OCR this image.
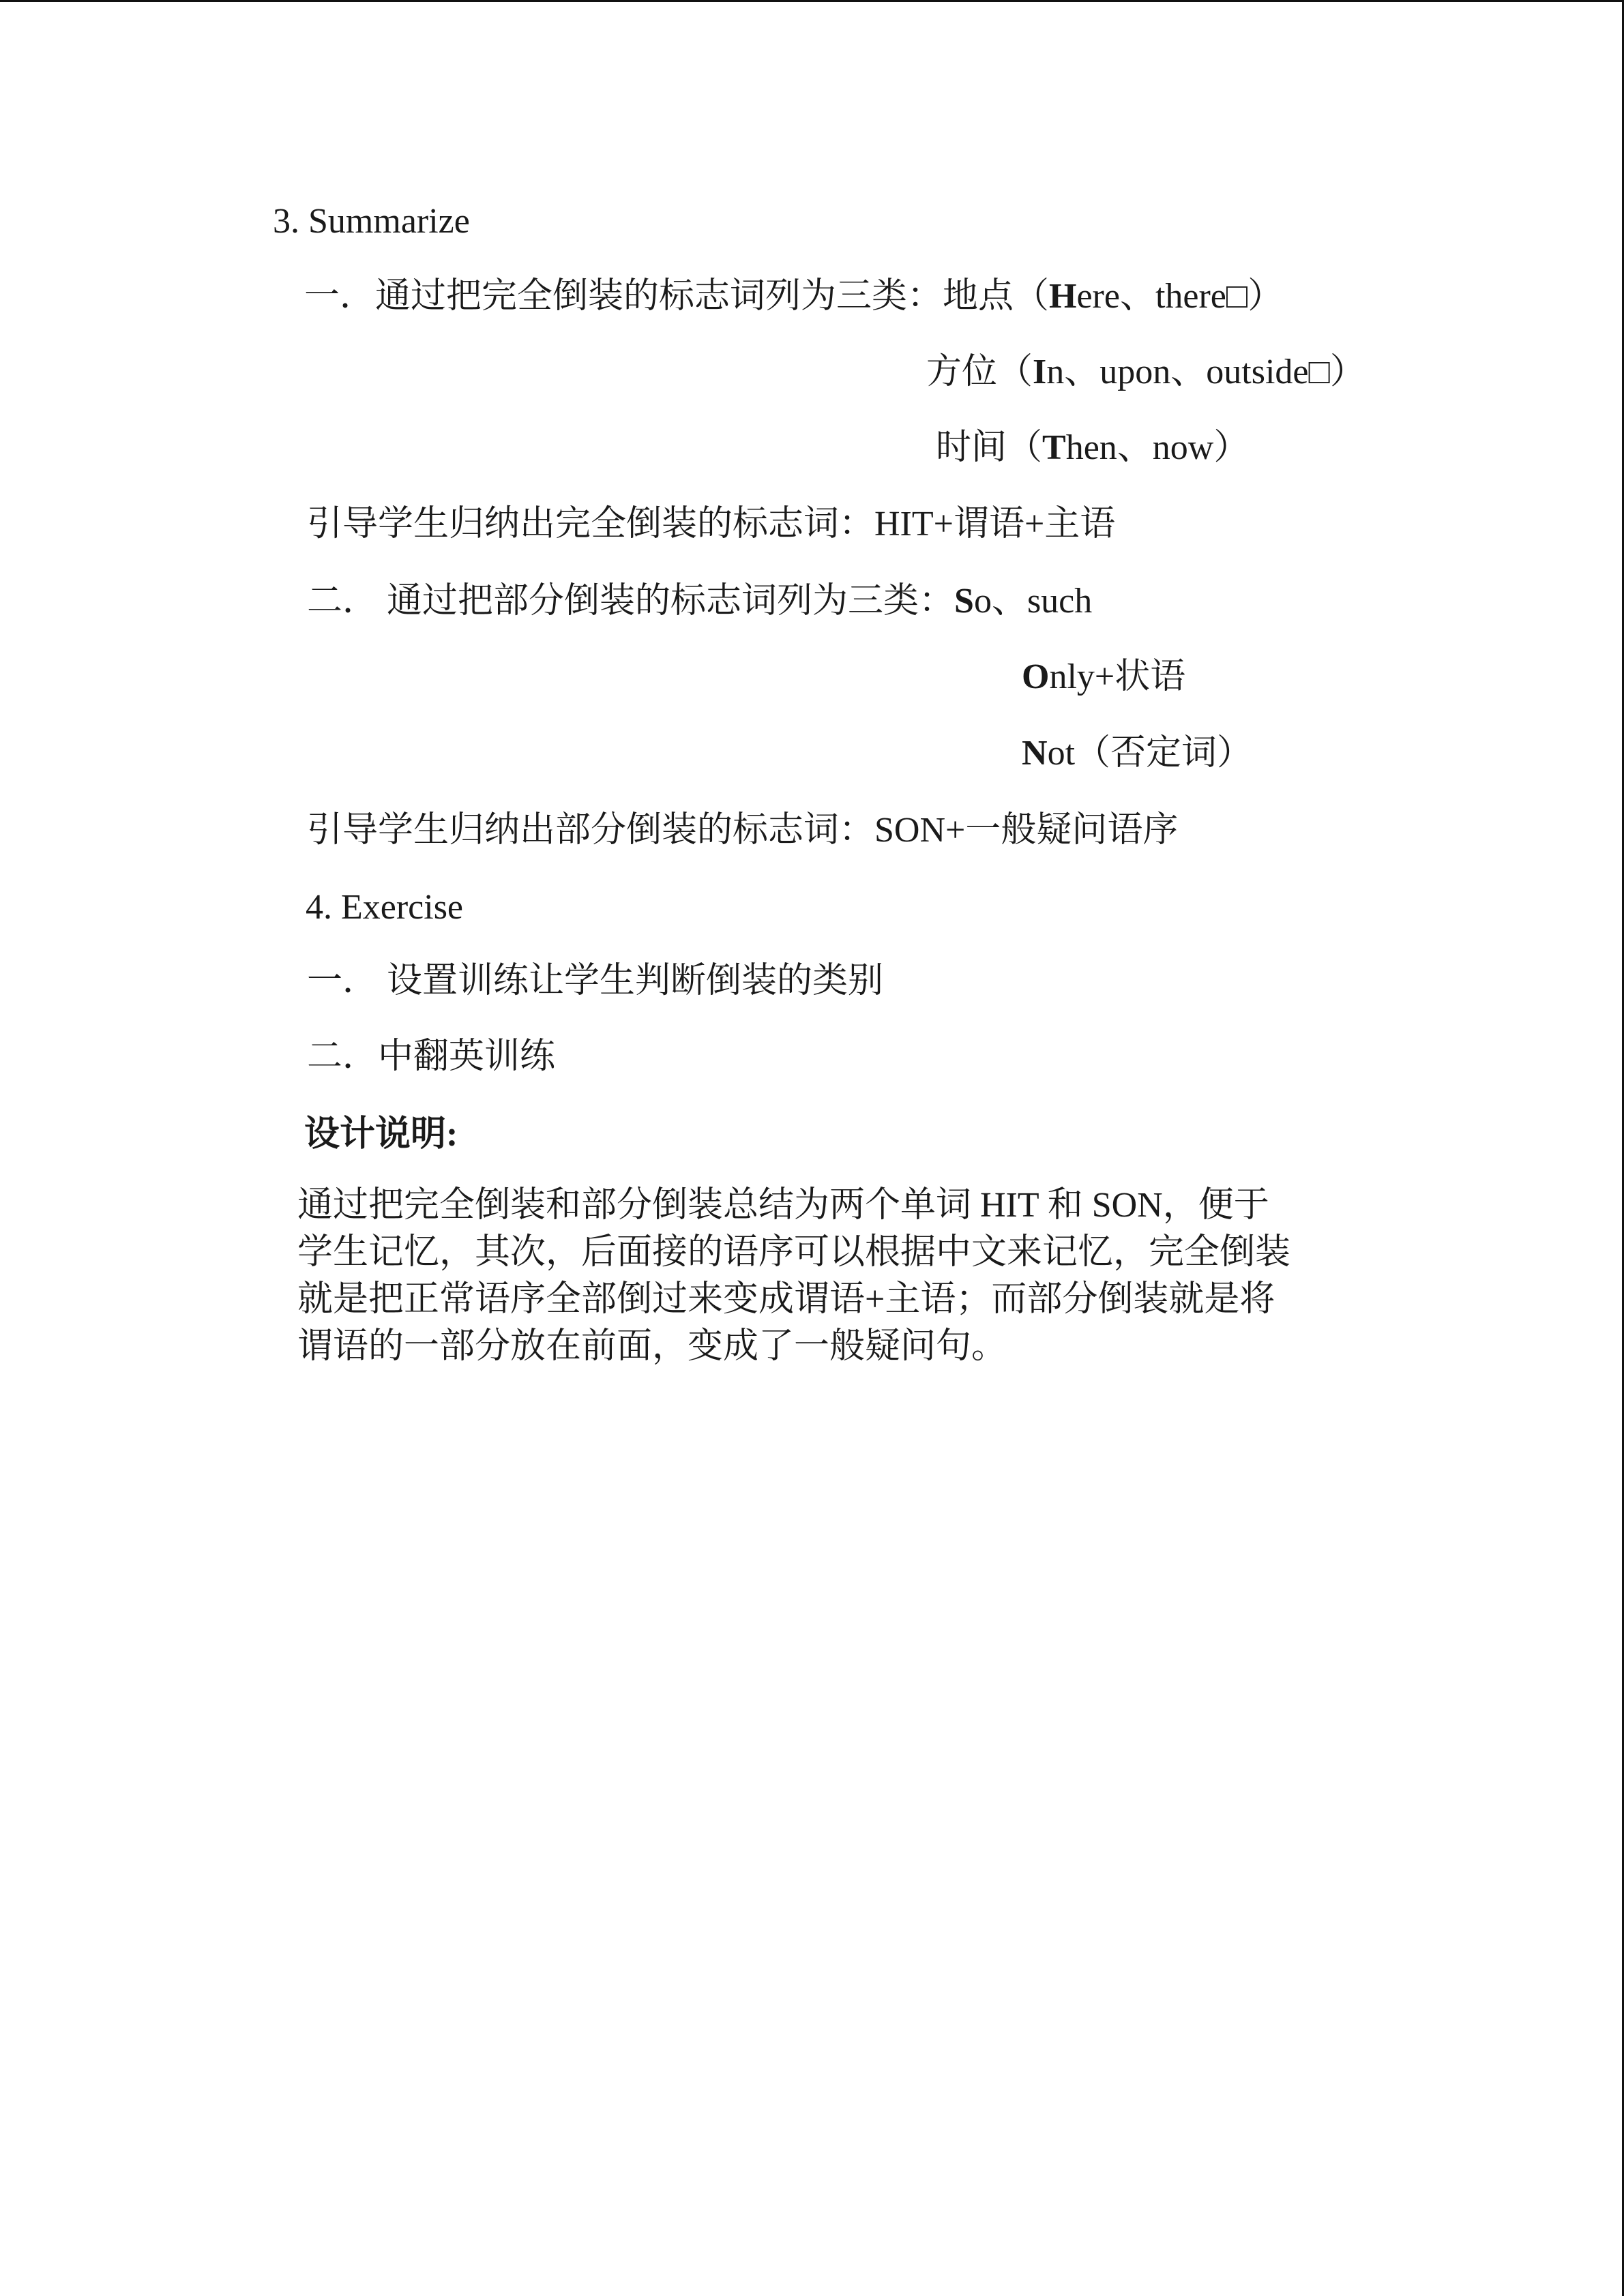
3. Summarize
一．通过把完全倒装的标志词列为三类：地点（Here、there□）
方位（In、upon、outside□）
时间（Then、now）
引导学生归纳出完全倒装的标志词：HIT+谓语+主语
二． 通过把部分倒装的标志词列为三类：So、such
Only+状语
Not（否定词）
引导学生归纳出部分倒装的标志词：SON+一般疑问语序
4. Exercise
一． 设置训练让学生判断倒装的类别
二．中翻英训练
设计说明:
通过把完全倒装和部分倒装总结为两个单词 HIT 和 SON，便于
学生记忆，其次，后面接的语序可以根据中文来记忆，完全倒装
就是把正常语序全部倒过来变成谓语+主语；而部分倒装就是将
谓语的一部分放在前面，变成了一般疑问句。
